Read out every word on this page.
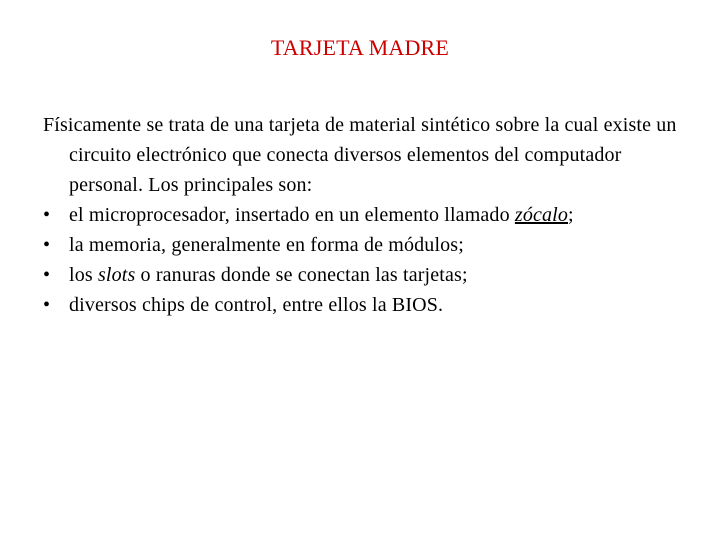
TARJETA MADRE

Físicamente se trata de una tarjeta de material sintético sobre la cual existe un circuito electrónico que conecta diversos elementos del computador personal. Los principales son:

• el microprocesador, insertado en un elemento llamado zócalo;
• la memoria, generalmente en forma de módulos;
• los slots o ranuras donde se conectan las tarjetas;
• diversos chips de control, entre ellos la BIOS.
